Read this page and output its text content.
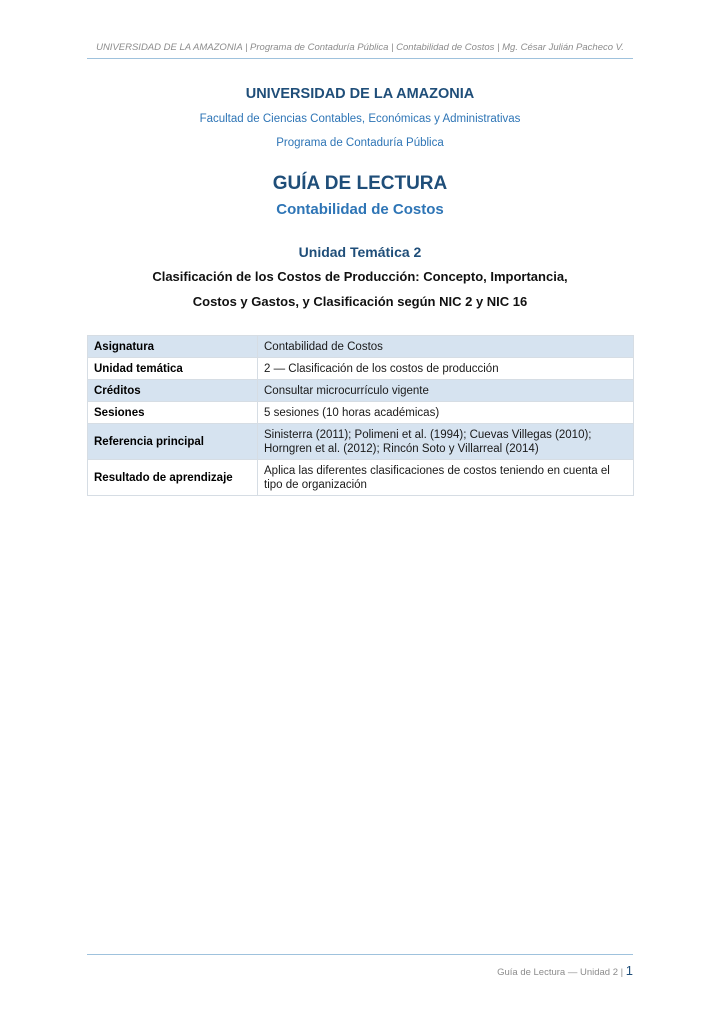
UNIVERSIDAD DE LA AMAZONIA | Programa de Contaduría Pública | Contabilidad de Costos | Mg. César Julián Pacheco V.
UNIVERSIDAD DE LA AMAZONIA
Facultad de Ciencias Contables, Económicas y Administrativas
Programa de Contaduría Pública
GUÍA DE LECTURA
Contabilidad de Costos
Unidad Temática 2
Clasificación de los Costos de Producción: Concepto, Importancia,
Costos y Gastos, y Clasificación según NIC 2 y NIC 16
Asignatura	Contabilidad de Costos
Unidad temática	2 — Clasificación de los costos de producción
Créditos	Consultar microcurrículo vigente
Sesiones	5 sesiones (10 horas académicas)
Referencia principal	Sinisterra (2011); Polimeni et al. (1994); Cuevas Villegas (2010); Horngren et al. (2012); Rincón Soto y Villarreal (2014)
Resultado de aprendizaje	Aplica las diferentes clasificaciones de costos teniendo en cuenta el tipo de organización
Guía de Lectura — Unidad 2 | 1
